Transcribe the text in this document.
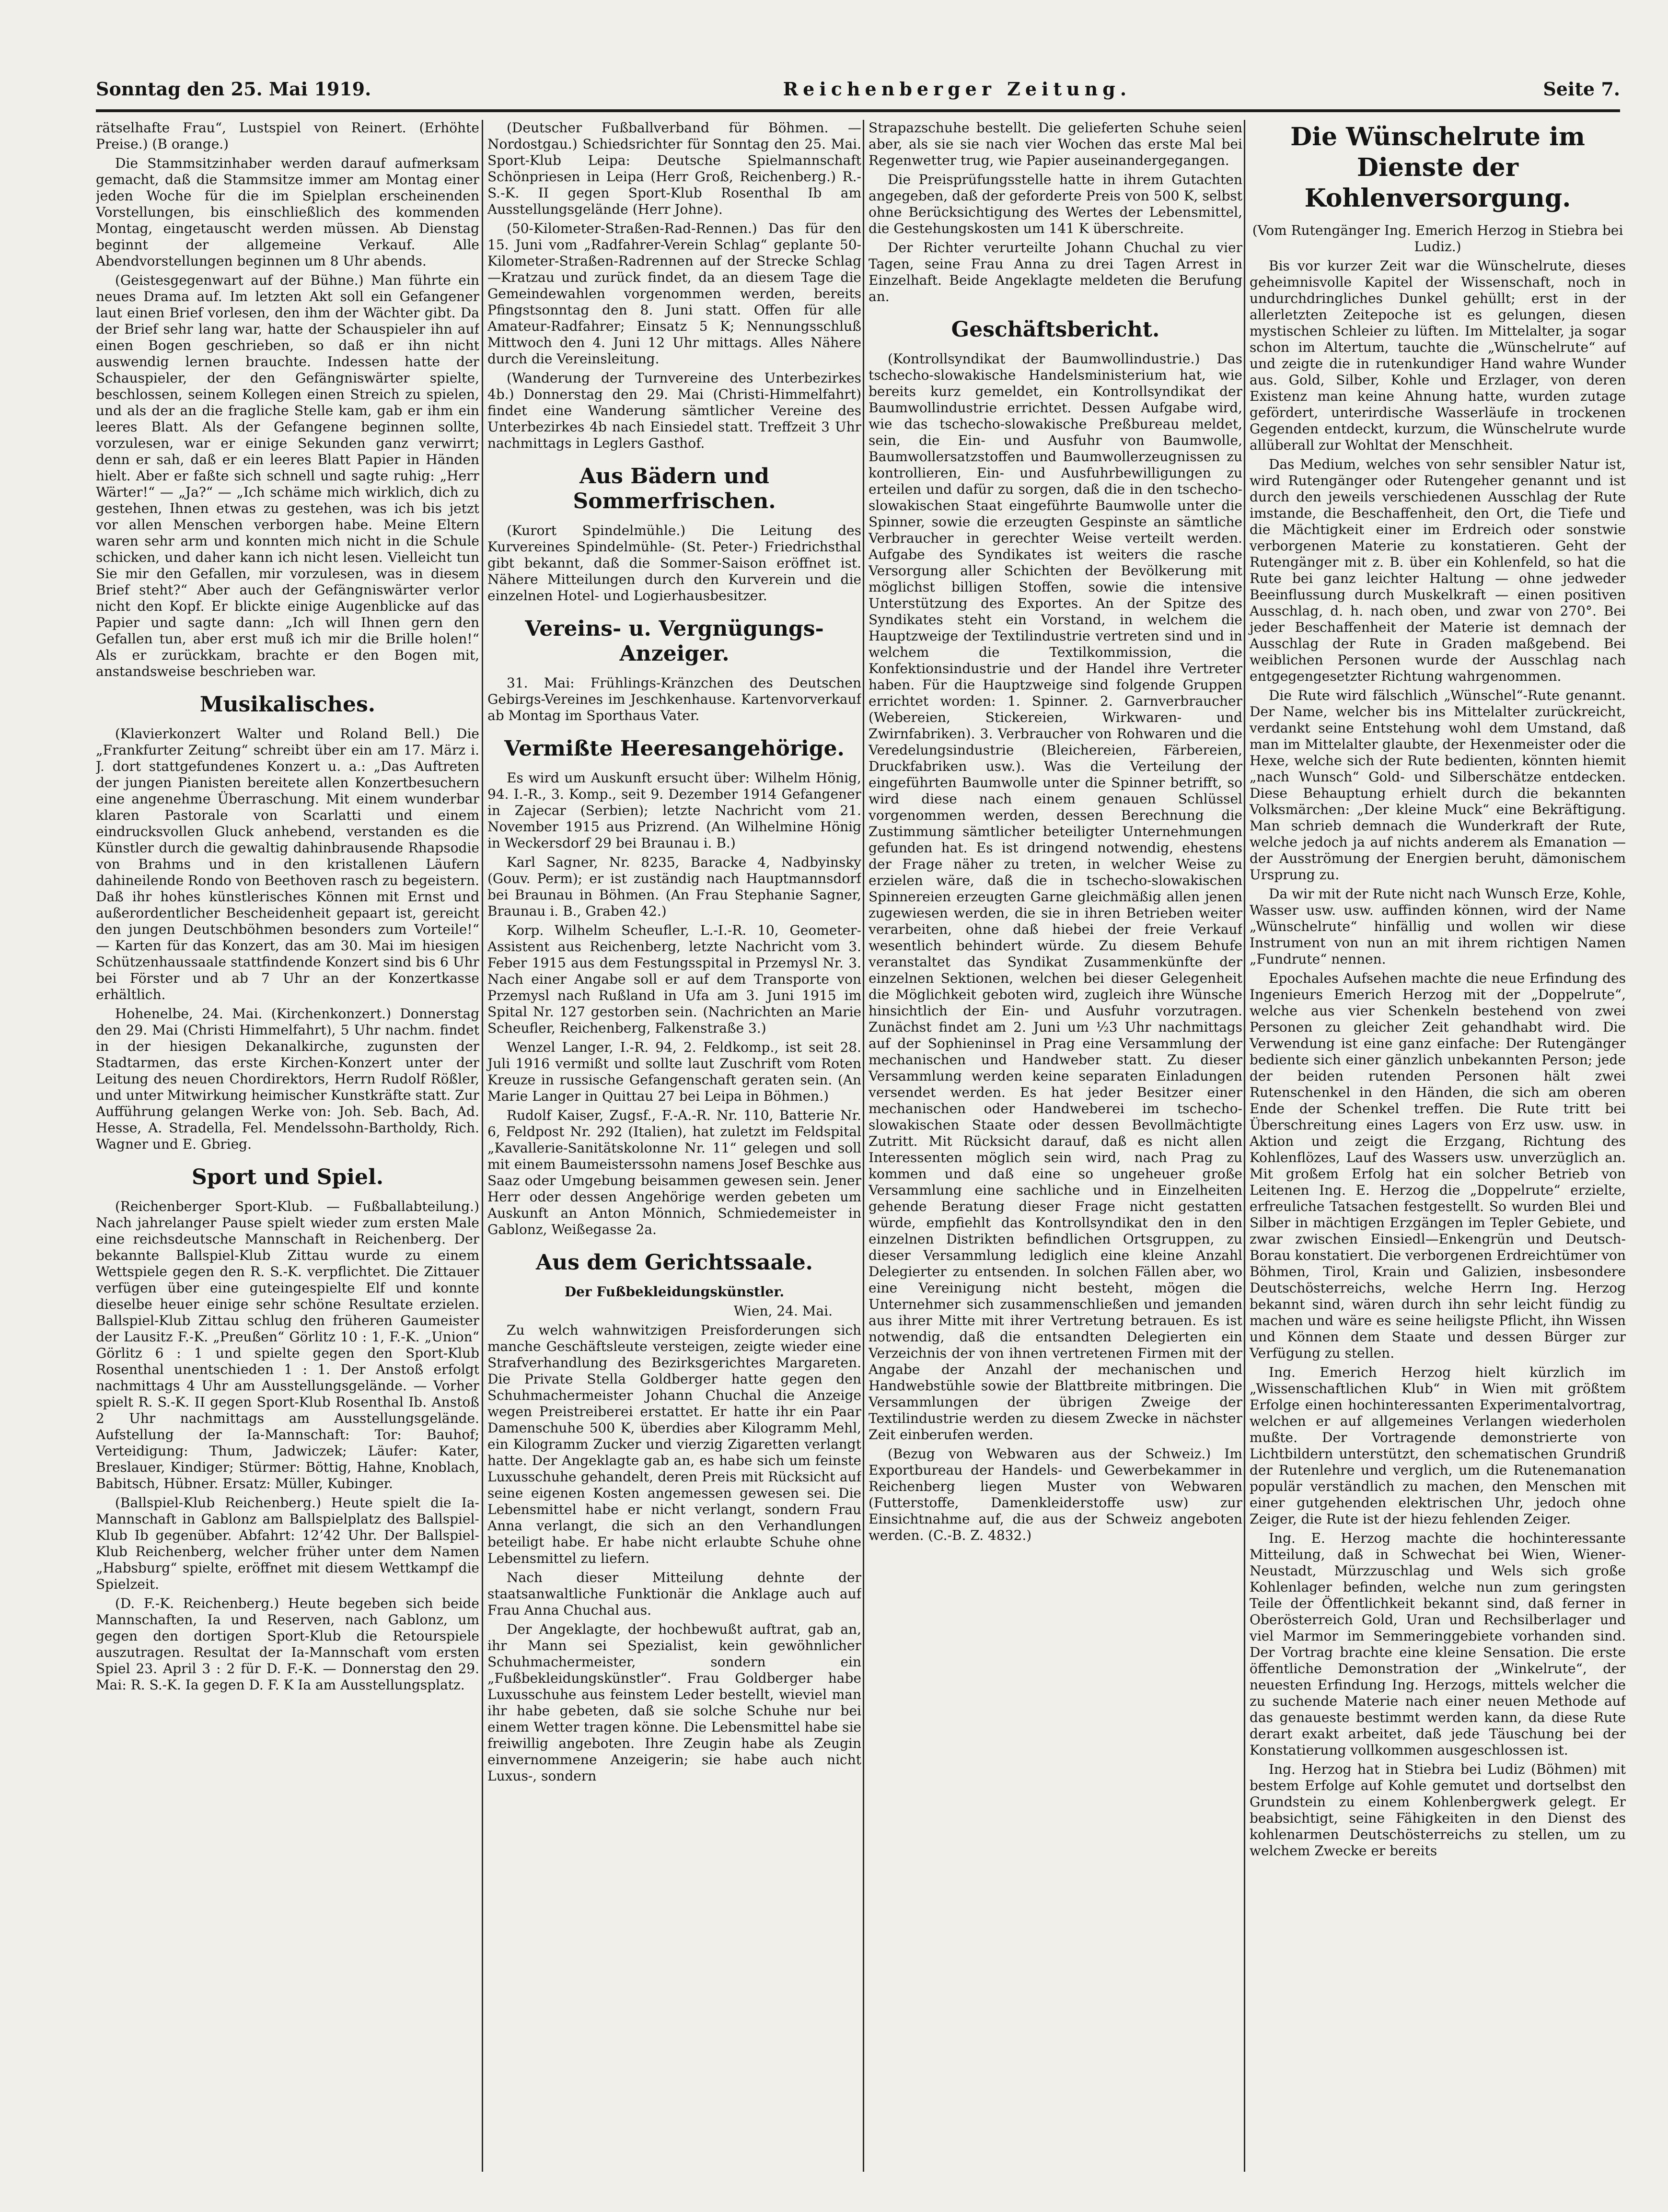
Sonntag den 25. Mai 1919.	Reichenberger Zeitung.	Seite 7.

rätselhafte Frau“, Lustspiel von Reinert. (Erhöhte Preise.) (B orange.)

Die Stammsitzinhaber werden darauf aufmerksam gemacht, daß die Stammsitze immer am Montag einer jeden Woche für die im Spielplan erscheinenden Vorstellungen, bis einschließlich des kommenden Montag, eingetauscht werden müssen. Ab Dienstag beginnt der allgemeine Verkauf. Alle Abendvorstellungen beginnen um 8 Uhr abends.

(Geistesgegenwart auf der Bühne.) Man führte ein neues Drama auf. Im letzten Akt soll ein Gefangener laut einen Brief vorlesen, den ihm der Wächter gibt. Da der Brief sehr lang war, hatte der Schauspieler ihn auf einen Bogen geschrieben, so daß er ihn nicht auswendig lernen brauchte. Indessen hatte der Schauspieler, der den Gefängniswärter spielte, beschlossen, seinem Kollegen einen Streich zu spielen, und als der an die fragliche Stelle kam, gab er ihm ein leeres Blatt. Als der Gefangene beginnen sollte, vorzulesen, war er einige Sekunden ganz verwirrt; denn er sah, daß er ein leeres Blatt Papier in Händen hielt. Aber er faßte sich schnell und sagte ruhig: „Herr Wärter!“ — „Ja?“ — „Ich schäme mich wirklich, dich zu gestehen, Ihnen etwas zu gestehen, was ich bis jetzt vor allen Menschen verborgen habe. Meine Eltern waren sehr arm und konnten mich nicht in die Schule schicken, und daher kann ich nicht lesen. Vielleicht tun Sie mir den Gefallen, mir vorzulesen, was in diesem Brief steht?“ Aber auch der Gefängniswärter verlor nicht den Kopf. Er blickte einige Augenblicke auf das Papier und sagte dann: „Ich will Ihnen gern den Gefallen tun, aber erst muß ich mir die Brille holen!“ Als er zurückkam, brachte er den Bogen mit, anstandsweise beschrieben war.

Musikalisches.

(Klavierkonzert Walter und Roland Bell.) Die „Frankfurter Zeitung“ schreibt über ein am 17. März i. J. dort stattgefundenes Konzert u. a.: „Das Auftreten der jungen Pianisten bereitete allen Konzertbesuchern eine angenehme Überraschung. Mit einem wunderbar klaren Pastorale von Scarlatti und einem eindrucksvollen Gluck anhebend, verstanden es die Künstler durch die gewaltig dahinbrausende Rhapsodie von Brahms und in den kristallenen Läufern dahineilende Rondo von Beethoven rasch zu begeistern. Daß ihr hohes künstlerisches Können mit Ernst und außerordentlicher Bescheidenheit gepaart ist, gereicht den jungen Deutschböhmen besonders zum Vorteile!“ — Karten für das Konzert, das am 30. Mai im hiesigen Schützenhaussaale stattfindende Konzert sind bis 6 Uhr bei Förster und ab 7 Uhr an der Konzertkasse erhältlich.

Hohenelbe, 24. Mai. (Kirchenkonzert.) Donnerstag den 29. Mai (Christi Himmelfahrt), 5 Uhr nachm. findet in der hiesigen Dekanalkirche, zugunsten der Stadtarmen, das erste Kirchen-Konzert unter der Leitung des neuen Chordirektors, Herrn Rudolf Rößler, und unter Mitwirkung heimischer Kunstkräfte statt. Zur Aufführung gelangen Werke von: Joh. Seb. Bach, Ad. Hesse, A. Stradella, Fel. Mendelssohn-Bartholdy, Rich. Wagner und E. Gbrieg.

Sport und Spiel.

(Reichenberger Sport-Klub. — Fußballabteilung.) Nach jahrelanger Pause spielt wieder zum ersten Male eine reichsdeutsche Mannschaft in Reichenberg. Der bekannte Ballspiel-Klub Zittau wurde zu einem Wettspiele gegen den R. S.-K. verpflichtet. Die Zittauer verfügen über eine guteingespielte Elf und konnte dieselbe heuer einige sehr schöne Resultate erzielen. Ballspiel-Klub Zittau schlug den früheren Gaumeister der Lausitz F.-K. „Preußen“ Görlitz 10 : 1, F.-K. „Union“ Görlitz 6 : 1 und spielte gegen den Sport-Klub Rosenthal unentschieden 1 : 1. Der Anstoß erfolgt nachmittags 4 Uhr am Ausstellungsgelände. — Vorher spielt R. S.-K. II gegen Sport-Klub Rosenthal Ib. Anstoß 2 Uhr nachmittags am Ausstellungsgelände. Aufstellung der Ia-Mannschaft: Tor: Bauhof; Verteidigung: Thum, Jadwiczek; Läufer: Kater, Breslauer, Kindiger; Stürmer: Böttig, Hahne, Knoblach, Babitsch, Hübner. Ersatz: Müller, Kubinger.

(Ballspiel-Klub Reichenberg.) Heute spielt die Ia-Mannschaft in Gablonz am Ballspielplatz des Ballspiel-Klub Ib gegenüber. Abfahrt: 12’42 Uhr. Der Ballspiel-Klub Reichenberg, welcher früher unter dem Namen „Habsburg“ spielte, eröffnet mit diesem Wettkampf die Spielzeit.

(D. F.-K. Reichenberg.) Heute begeben sich beide Mannschaften, Ia und Reserven, nach Gablonz, um gegen den dortigen Sport-Klub die Retourspiele auszutragen. Resultat der Ia-Mannschaft vom ersten Spiel 23. April 3 : 2 für D. F.-K. — Donnerstag den 29. Mai: R. S.-K. Ia gegen D. F. K Ia am Ausstellungsplatz.

(Deutscher Fußballverband für Böhmen. — Nordostgau.) Schiedsrichter für Sonntag den 25. Mai. Sport-Klub Leipa: Deutsche Spielmannschaft Schönpriesen in Leipa (Herr Groß, Reichenberg.) R.-S.-K. II gegen Sport-Klub Rosenthal Ib am Ausstellungsgelände (Herr Johne).

(50-Kilometer-Straßen-Rad-Rennen.) Das für den 15. Juni vom „Radfahrer-Verein Schlag“ geplante 50-Kilometer-Straßen-Radrennen auf der Strecke Schlag—Kratzau und zurück findet, da an diesem Tage die Gemeindewahlen vorgenommen werden, bereits Pfingstsonntag den 8. Juni statt. Offen für alle Amateur-Radfahrer; Einsatz 5 K; Nennungsschluß Mittwoch den 4. Juni 12 Uhr mittags. Alles Nähere durch die Vereinsleitung.

(Wanderung der Turnvereine des Unterbezirkes 4b.) Donnerstag den 29. Mai (Christi-Himmelfahrt) findet eine Wanderung sämtlicher Vereine des Unterbezirkes 4b nach Einsiedel statt. Treffzeit 3 Uhr nachmittags in Leglers Gasthof.

Aus Bädern und Sommerfrischen.

(Kurort Spindelmühle.) Die Leitung des Kurvereines Spindelmühle- (St. Peter-) Friedrichsthal gibt bekannt, daß die Sommer-Saison eröffnet ist. Nähere Mitteilungen durch den Kurverein und die einzelnen Hotel- und Logierhausbesitzer.

Vereins- u. Vergnügungs-Anzeiger.

31. Mai: Frühlings-Kränzchen des Deutschen Gebirgs-Vereines im Jeschkenhause. Kartenvorverkauf ab Montag im Sporthaus Vater.

Vermißte Heeresangehörige.

Es wird um Auskunft ersucht über: Wilhelm Hönig, 94. I.-R., 3. Komp., seit 9. Dezember 1914 Gefangener in Zajecar (Serbien); letzte Nachricht vom 21. November 1915 aus Prizrend. (An Wilhelmine Hönig in Weckersdorf 29 bei Braunau i. B.)

Karl Sagner, Nr. 8235, Baracke 4, Nadbyinsky (Gouv. Perm); er ist zuständig nach Hauptmannsdorf bei Braunau in Böhmen. (An Frau Stephanie Sagner, Braunau i. B., Graben 42.)

Korp. Wilhelm Scheufler, L.-I.-R. 10, Geometer-Assistent aus Reichenberg, letzte Nachricht vom 3. Feber 1915 aus dem Festungsspital in Przemysl Nr. 3. Nach einer Angabe soll er auf dem Transporte von Przemysl nach Rußland in Ufa am 3. Juni 1915 im Spital Nr. 127 gestorben sein. (Nachrichten an Marie Scheufler, Reichenberg, Falkenstraße 3.)

Wenzel Langer, I.-R. 94, 2. Feldkomp., ist seit 28. Juli 1916 vermißt und sollte laut Zuschrift vom Roten Kreuze in russische Gefangenschaft geraten sein. (An Marie Langer in Quittau 27 bei Leipa in Böhmen.)

Rudolf Kaiser, Zugsf., F.-A.-R. Nr. 110, Batterie Nr. 6, Feldpost Nr. 292 (Italien), hat zuletzt im Feldspital „Kavallerie-Sanitätskolonne Nr. 11“ gelegen und soll mit einem Baumeisterssohn namens Josef Beschke aus Saaz oder Umgebung beisammen gewesen sein. Jener Herr oder dessen Angehörige werden gebeten um Auskunft an Anton Mönnich, Schmiedemeister in Gablonz, Weißegasse 2a.

Aus dem Gerichtssaale.

Der Fußbekleidungskünstler.

Wien, 24. Mai.

Zu welch wahnwitzigen Preisforderungen sich manche Geschäftsleute versteigen, zeigte wieder eine Strafverhandlung des Bezirksgerichtes Margareten. Die Private Stella Goldberger hatte gegen den Schuhmachermeister Johann Chuchal die Anzeige wegen Preistreiberei erstattet. Er hatte ihr ein Paar Damenschuhe 500 K, überdies aber Kilogramm Mehl, ein Kilogramm Zucker und vierzig Zigaretten verlangt hatte. Der Angeklagte gab an, es habe sich um feinste Luxusschuhe gehandelt, deren Preis mit Rücksicht auf seine eigenen Kosten angemessen gewesen sei. Die Lebensmittel habe er nicht verlangt, sondern Frau Anna verlangt, die sich an den Verhandlungen beteiligt habe. Er habe nicht erlaubte Schuhe ohne Lebensmittel zu liefern.

Nach dieser Mitteilung dehnte der staatsanwaltliche Funktionär die Anklage auch auf Frau Anna Chuchal aus.

Der Angeklagte, der hochbewußt auftrat, gab an, ihr Mann sei Spezialist, kein gewöhnlicher Schuhmachermeister, sondern ein „Fußbekleidungskünstler“. Frau Goldberger habe Luxusschuhe aus feinstem Leder bestellt, wieviel man ihr habe gebeten, daß sie solche Schuhe nur bei einem Wetter tragen könne. Die Lebensmittel habe sie freiwillig angeboten. Ihre Zeugin habe als Zeugin einvernommene Anzeigerin; sie habe auch nicht Luxus-, sondern

Strapazschuhe bestellt. Die gelieferten Schuhe seien aber, als sie sie nach vier Wochen das erste Mal bei Regenwetter trug, wie Papier auseinandergegangen.

Die Preisprüfungsstelle hatte in ihrem Gutachten angegeben, daß der geforderte Preis von 500 K, selbst ohne Berücksichtigung des Wertes der Lebensmittel, die Gestehungskosten um 141 K überschreite.

Der Richter verurteilte Johann Chuchal zu vier Tagen, seine Frau Anna zu drei Tagen Arrest in Einzelhaft. Beide Angeklagte meldeten die Berufung an.

Geschäftsbericht.

(Kontrollsyndikat der Baumwollindustrie.) Das tschecho-slowakische Handelsministerium hat, wie bereits kurz gemeldet, ein Kontrollsyndikat der Baumwollindustrie errichtet. Dessen Aufgabe wird, wie das tschecho-slowakische Preßbureau meldet, sein, die Ein- und Ausfuhr von Baumwolle, Baumwollersatzstoffen und Baumwollerzeugnissen zu kontrollieren, Ein- und Ausfuhrbewilligungen zu erteilen und dafür zu sorgen, daß die in den tschecho-slowakischen Staat eingeführte Baumwolle unter die Spinner, sowie die erzeugten Gespinste an sämtliche Verbraucher in gerechter Weise verteilt werden. Aufgabe des Syndikates ist weiters die rasche Versorgung aller Schichten der Bevölkerung mit möglichst billigen Stoffen, sowie die intensive Unterstützung des Exportes. An der Spitze des Syndikates steht ein Vorstand, in welchem die Hauptzweige der Textilindustrie vertreten sind und in welchem die Textilkommission, die Konfektionsindustrie und der Handel ihre Vertreter haben. Für die Hauptzweige sind folgende Gruppen errichtet worden: 1. Spinner. 2. Garnverbraucher (Webereien, Stickereien, Wirkwaren- und Zwirnfabriken). 3. Verbraucher von Rohwaren und die Veredelungsindustrie (Bleichereien, Färbereien, Druckfabriken usw.). Was die Verteilung der eingeführten Baumwolle unter die Spinner betrifft, so wird diese nach einem genauen Schlüssel vorgenommen werden, dessen Berechnung die Zustimmung sämtlicher beteiligter Unternehmungen gefunden hat. Es ist dringend notwendig, ehestens der Frage näher zu treten, in welcher Weise zu erzielen wäre, daß die in tschecho-slowakischen Spinnereien erzeugten Garne gleichmäßig allen jenen zugewiesen werden, die sie in ihren Betrieben weiter verarbeiten, ohne daß hiebei der freie Verkauf wesentlich behindert würde. Zu diesem Behufe veranstaltet das Syndikat Zusammenkünfte der einzelnen Sektionen, welchen bei dieser Gelegenheit die Möglichkeit geboten wird, zugleich ihre Wünsche hinsichtlich der Ein- und Ausfuhr vorzutragen. Zunächst findet am 2. Juni um ½3 Uhr nachmittags auf der Sophieninsel in Prag eine Versammlung der mechanischen und Handweber statt. Zu dieser Versammlung werden keine separaten Einladungen versendet werden. Es hat jeder Besitzer einer mechanischen oder Handweberei im tschecho-slowakischen Staate oder dessen Bevollmächtigte Zutritt. Mit Rücksicht darauf, daß es nicht allen Interessenten möglich sein wird, nach Prag zu kommen und daß eine so ungeheuer große Versammlung eine sachliche und in Einzelheiten gehende Beratung dieser Frage nicht gestatten würde, empfiehlt das Kontrollsyndikat den in den einzelnen Distrikten befindlichen Ortsgruppen, zu dieser Versammlung lediglich eine kleine Anzahl Delegierter zu entsenden. In solchen Fällen aber, wo eine Vereinigung nicht besteht, mögen die Unternehmer sich zusammenschließen und jemanden aus ihrer Mitte mit ihrer Vertretung betrauen. Es ist notwendig, daß die entsandten Delegierten ein Verzeichnis der von ihnen vertretenen Firmen mit der Angabe der Anzahl der mechanischen und Handwebstühle sowie der Blattbreite mitbringen. Die Versammlungen der übrigen Zweige der Textilindustrie werden zu diesem Zwecke in nächster Zeit einberufen werden.

(Bezug von Webwaren aus der Schweiz.) Im Exportbureau der Handels- und Gewerbekammer in Reichenberg liegen Muster von Webwaren (Futterstoffe, Damenkleiderstoffe usw) zur Einsichtnahme auf, die aus der Schweiz angeboten werden. (C.-B. Z. 4832.)

Die Wünschelrute im Dienste der Kohlenversorgung.

(Vom Rutengänger Ing. Emerich Herzog in Stiebra bei Ludiz.)

Bis vor kurzer Zeit war die Wünschelrute, dieses geheimnisvolle Kapitel der Wissenschaft, noch in undurchdringliches Dunkel gehüllt; erst in der allerletzten Zeitepoche ist es gelungen, diesen mystischen Schleier zu lüften. Im Mittelalter, ja sogar schon im Altertum, tauchte die „Wünschelrute“ auf und zeigte die in rutenkundiger Hand wahre Wunder aus. Gold, Silber, Kohle und Erzlager, von deren Existenz man keine Ahnung hatte, wurden zutage gefördert, unterirdische Wasserläufe in trockenen Gegenden entdeckt, kurzum, die Wünschelrute wurde allüberall zur Wohltat der Menschheit.

Das Medium, welches von sehr sensibler Natur ist, wird Rutengänger oder Rutengeher genannt und ist durch den jeweils verschiedenen Ausschlag der Rute imstande, die Beschaffenheit, den Ort, die Tiefe und die Mächtigkeit einer im Erdreich oder sonstwie verborgenen Materie zu konstatieren. Geht der Rutengänger mit z. B. über ein Kohlenfeld, so hat die Rute bei ganz leichter Haltung — ohne jedweder Beeinflussung durch Muskelkraft — einen positiven Ausschlag, d. h. nach oben, und zwar von 270°. Bei jeder Beschaffenheit der Materie ist demnach der Ausschlag der Rute in Graden maßgebend. Bei weiblichen Personen wurde der Ausschlag nach entgegengesetzter Richtung wahrgenommen.

Die Rute wird fälschlich „Wünschel“-Rute genannt. Der Name, welcher bis ins Mittelalter zurückreicht, verdankt seine Entstehung wohl dem Umstand, daß man im Mittelalter glaubte, der Hexenmeister oder die Hexe, welche sich der Rute bedienten, könnten hiemit „nach Wunsch“ Gold- und Silberschätze entdecken. Diese Behauptung erhielt durch die bekannten Volksmärchen: „Der kleine Muck“ eine Bekräftigung. Man schrieb demnach die Wunderkraft der Rute, welche jedoch ja auf nichts anderem als Emanation — der Ausströmung der Energien beruht, dämonischem Ursprung zu.

Da wir mit der Rute nicht nach Wunsch Erze, Kohle, Wasser usw. usw. auffinden können, wird der Name „Wünschelrute“ hinfällig und wollen wir diese Instrument von nun an mit ihrem richtigen Namen „Fundrute“ nennen.

Epochales Aufsehen machte die neue Erfindung des Ingenieurs Emerich Herzog mit der „Doppelrute“, welche aus vier Schenkeln bestehend von zwei Personen zu gleicher Zeit gehandhabt wird. Die Verwendung ist eine ganz einfache: Der Rutengänger bediente sich einer gänzlich unbekannten Person; jede der beiden rutenden Personen hält zwei Rutenschenkel in den Händen, die sich am oberen Ende der Schenkel treffen. Die Rute tritt bei Überschreitung eines Lagers von Erz usw. usw. in Aktion und zeigt die Erzgang, Richtung des Kohlenflözes, Lauf des Wassers usw. unverzüglich an. Mit großem Erfolg hat ein solcher Betrieb von Leitenen Ing. E. Herzog die „Doppelrute“ erzielte, erfreuliche Tatsachen festgestellt. So wurden Blei und Silber in mächtigen Erzgängen im Tepler Gebiete, und zwar zwischen Einsiedl—Enkengrün und Deutsch-Borau konstatiert. Die verborgenen Erdreichtümer von Böhmen, Tirol, Krain und Galizien, insbesondere Deutschösterreichs, welche Herrn Ing. Herzog bekannt sind, wären durch ihn sehr leicht fündig zu machen und wäre es seine heiligste Pflicht, ihn Wissen und Können dem Staate und dessen Bürger zur Verfügung zu stellen.

Ing. Emerich Herzog hielt kürzlich im „Wissenschaftlichen Klub“ in Wien mit größtem Erfolge einen hochinteressanten Experimentalvortrag, welchen er auf allgemeines Verlangen wiederholen mußte. Der Vortragende demonstrierte von Lichtbildern unterstützt, den schematischen Grundriß der Rutenlehre und verglich, um die Rutenemanation populär verständlich zu machen, den Menschen mit einer gutgehenden elektrischen Uhr, jedoch ohne Zeiger, die Rute ist der hiezu fehlenden Zeiger.

Ing. E. Herzog machte die hochinteressante Mitteilung, daß in Schwechat bei Wien, Wiener-Neustadt, Mürzzuschlag und Wels sich große Kohlenlager befinden, welche nun zum geringsten Teile der Öffentlichkeit bekannt sind, daß ferner in Oberösterreich Gold, Uran und Rechsilberlager und viel Marmor im Semmeringgebiete vorhanden sind. Der Vortrag brachte eine kleine Sensation. Die erste öffentliche Demonstration der „Winkelrute“, der neuesten Erfindung Ing. Herzogs, mittels welcher die zu suchende Materie nach einer neuen Methode auf das genaueste bestimmt werden kann, da diese Rute derart exakt arbeitet, daß jede Täuschung bei der Konstatierung vollkommen ausgeschlossen ist.

Ing. Herzog hat in Stiebra bei Ludiz (Böhmen) mit bestem Erfolge auf Kohle gemutet und dortselbst den Grundstein zu einem Kohlenbergwerk gelegt. Er beabsichtigt, seine Fähigkeiten in den Dienst des kohlenarmen Deutschösterreichs zu stellen, um zu welchem Zwecke er bereits
